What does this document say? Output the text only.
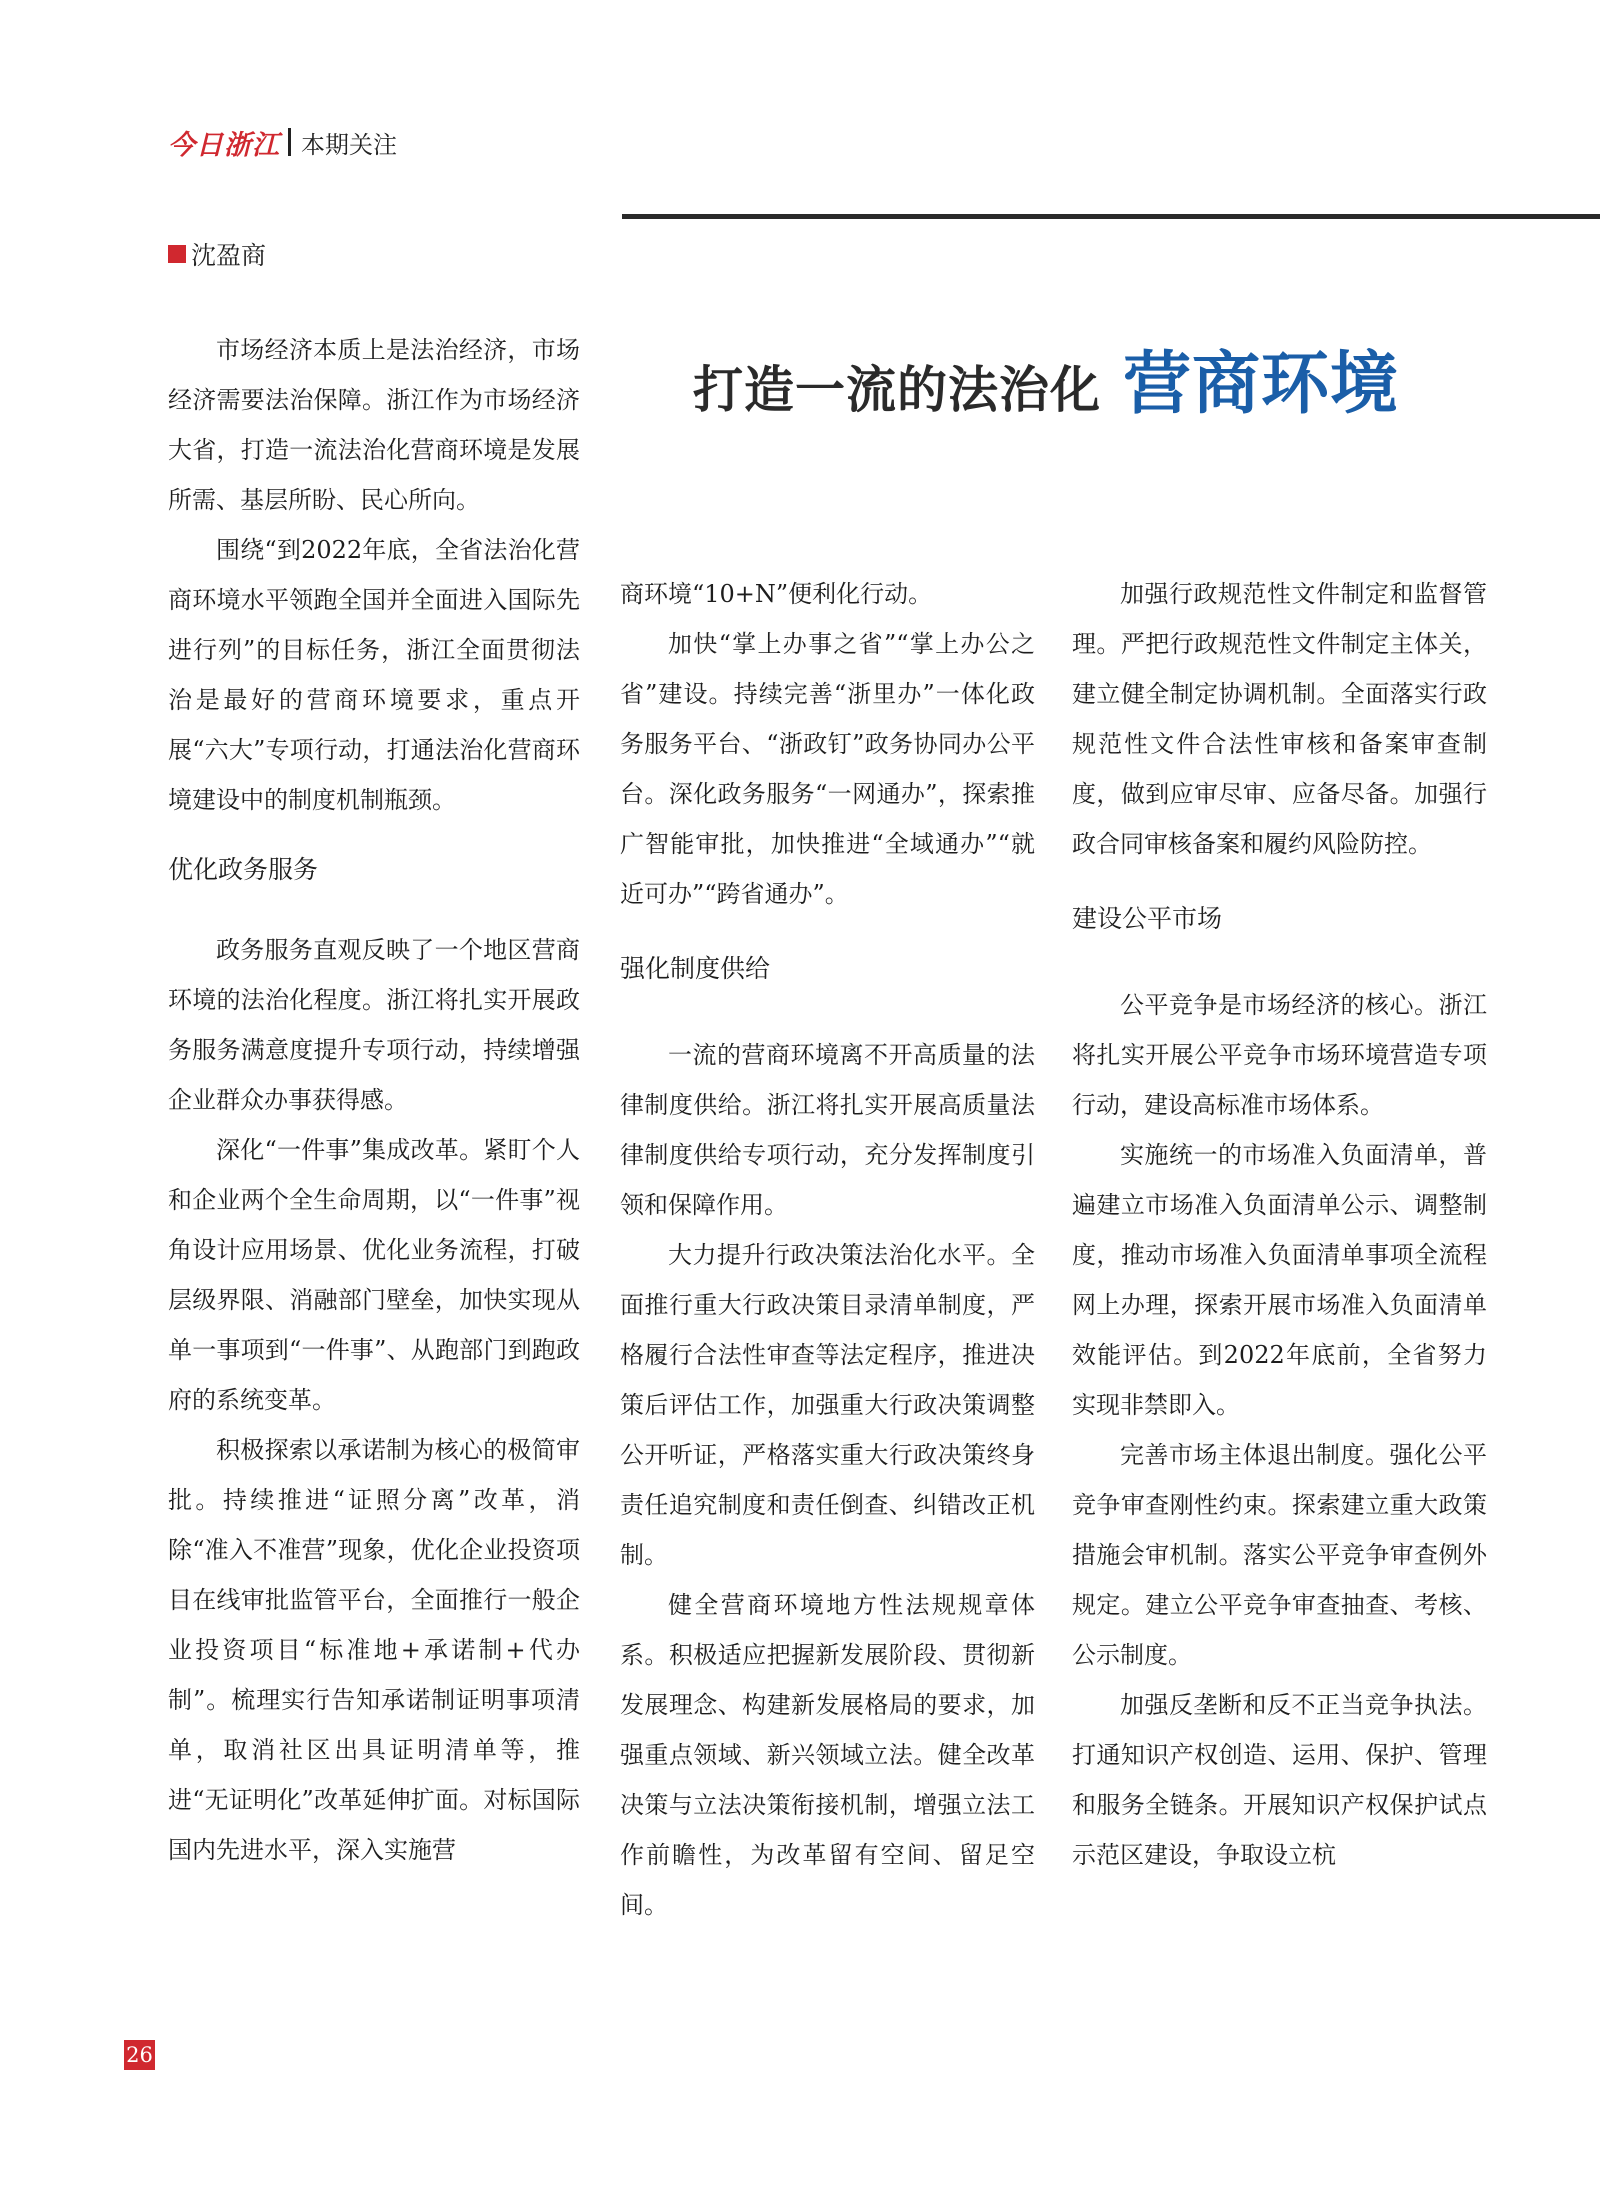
今日浙江 本期关注
沈盈商
打造一流的法治化 营商环境

市场经济本质上是法治经济，市场经济需要法治保障。浙江作为市场经济大省，打造一流法治化营商环境是发展所需、基层所盼、民心所向。

围绕“到2022年底，全省法治化营商环境水平领跑全国并全面进入国际先进行列”的目标任务，浙江全面贯彻法治是最好的营商环境要求，重点开展“六大”专项行动，打通法治化营商环境建设中的制度机制瓶颈。

优化政务服务

政务服务直观反映了一个地区营商环境的法治化程度。浙江将扎实开展政务服务满意度提升专项行动，持续增强企业群众办事获得感。

深化“一件事”集成改革。紧盯个人和企业两个全生命周期，以“一件事”视角设计应用场景、优化业务流程，打破层级界限、消融部门壁垒，加快实现从单一事项到“一件事”、从跑部门到跑政府的系统变革。

积极探索以承诺制为核心的极简审批。持续推进“证照分离”改革，消除“准入不准营”现象，优化企业投资项目在线审批监管平台，全面推行一般企业投资项目“标准地+承诺制+代办制”。梳理实行告知承诺制证明事项清单，取消社区出具证明清单等，推进“无证明化”改革延伸扩面。对标国际国内先进水平，深入实施营

商环境“10+N”便利化行动。

加快“掌上办事之省”“掌上办公之省”建设。持续完善“浙里办”一体化政务服务平台、“浙政钉”政务协同办公平台。深化政务服务“一网通办”，探索推广智能审批，加快推进“全域通办”“就近可办”“跨省通办”。

强化制度供给

一流的营商环境离不开高质量的法律制度供给。浙江将扎实开展高质量法律制度供给专项行动，充分发挥制度引领和保障作用。

大力提升行政决策法治化水平。全面推行重大行政决策目录清单制度，严格履行合法性审查等法定程序，推进决策后评估工作，加强重大行政决策调整公开听证，严格落实重大行政决策终身责任追究制度和责任倒查、纠错改正机制。

健全营商环境地方性法规规章体系。积极适应把握新发展阶段、贯彻新发展理念、构建新发展格局的要求，加强重点领域、新兴领域立法。健全改革决策与立法决策衔接机制，增强立法工作前瞻性，为改革留有空间、留足空间。

加强行政规范性文件制定和监督管理。严把行政规范性文件制定主体关，建立健全制定协调机制。全面落实行政规范性文件合法性审核和备案审查制度，做到应审尽审、应备尽备。加强行政合同审核备案和履约风险防控。

建设公平市场

公平竞争是市场经济的核心。浙江将扎实开展公平竞争市场环境营造专项行动，建设高标准市场体系。

实施统一的市场准入负面清单，普遍建立市场准入负面清单公示、调整制度，推动市场准入负面清单事项全流程网上办理，探索开展市场准入负面清单效能评估。到2022年底前，全省努力实现非禁即入。

完善市场主体退出制度。强化公平竞争审查刚性约束。探索建立重大政策措施会审机制。落实公平竞争审查例外规定。建立公平竞争审查抽查、考核、公示制度。

加强反垄断和反不正当竞争执法。打通知识产权创造、运用、保护、管理和服务全链条。开展知识产权保护试点示范区建设，争取设立杭

26
